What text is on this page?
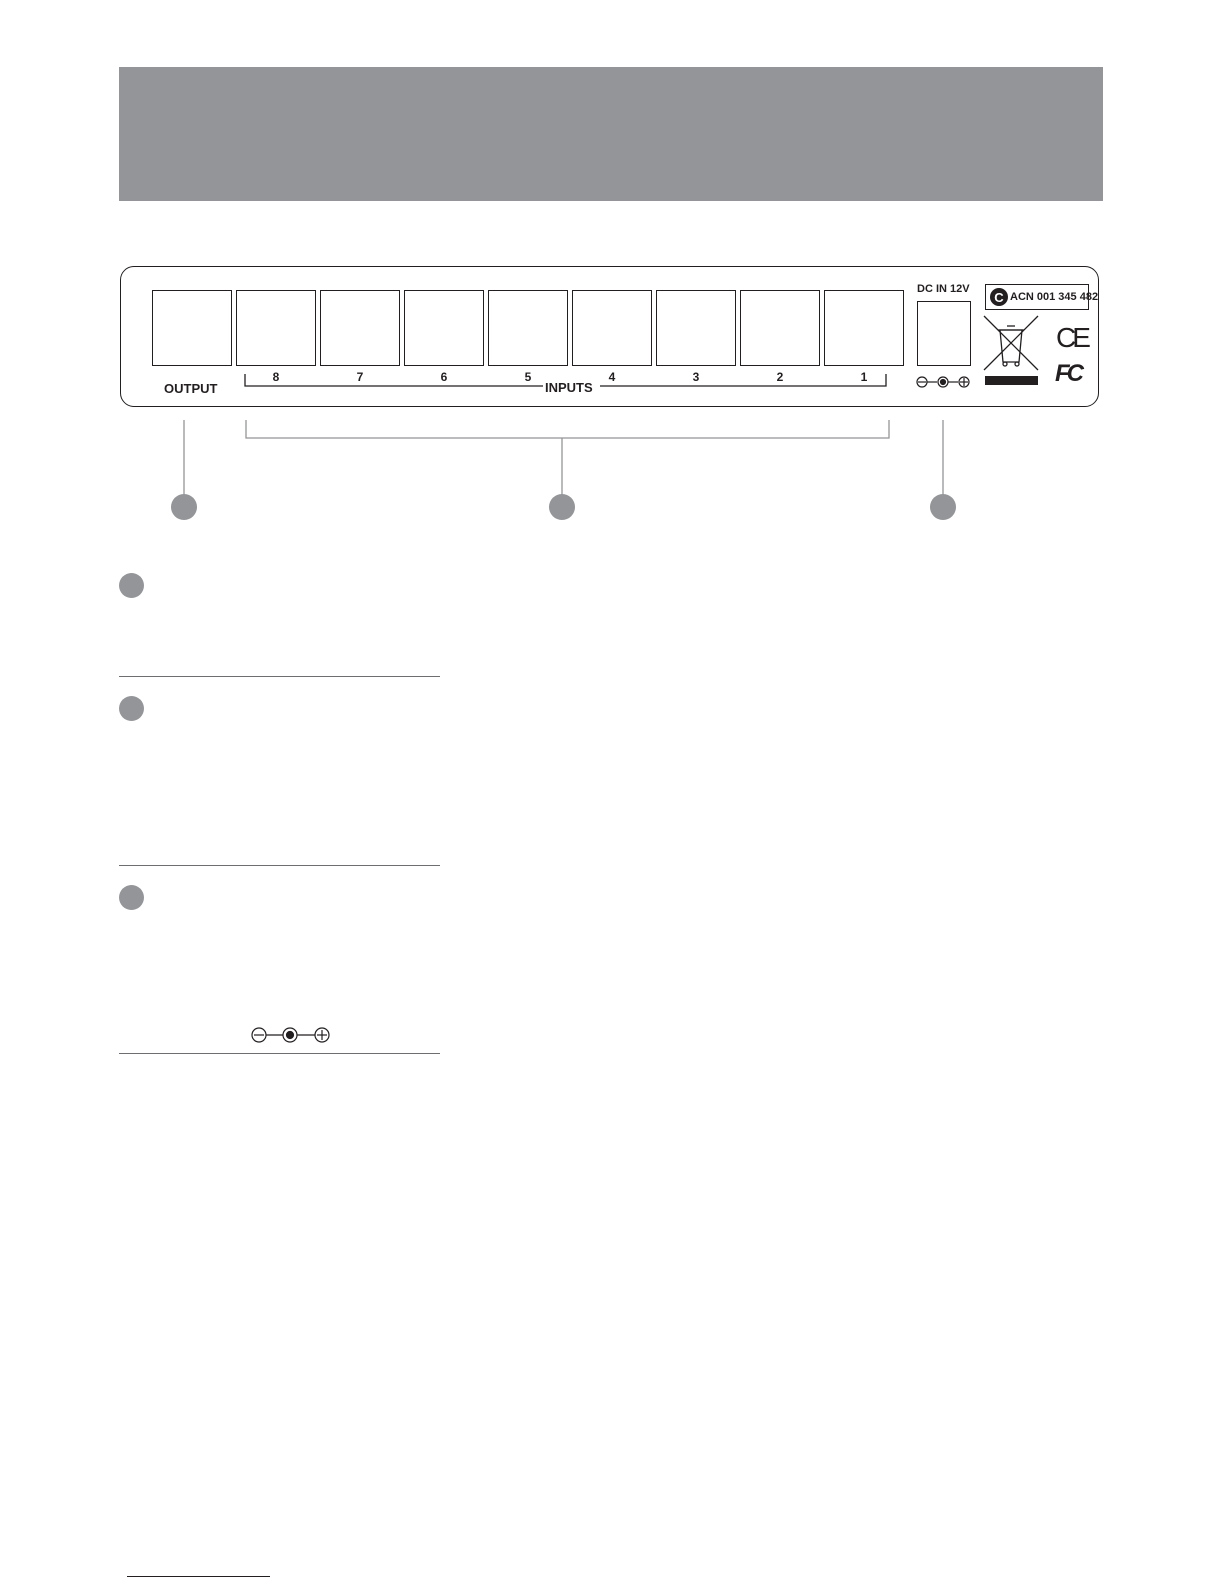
8	7	6	5	4	3	2	1
OUTPUT	INPUTS
DC IN 12V
C ACN 001 345 482
CE
FC
